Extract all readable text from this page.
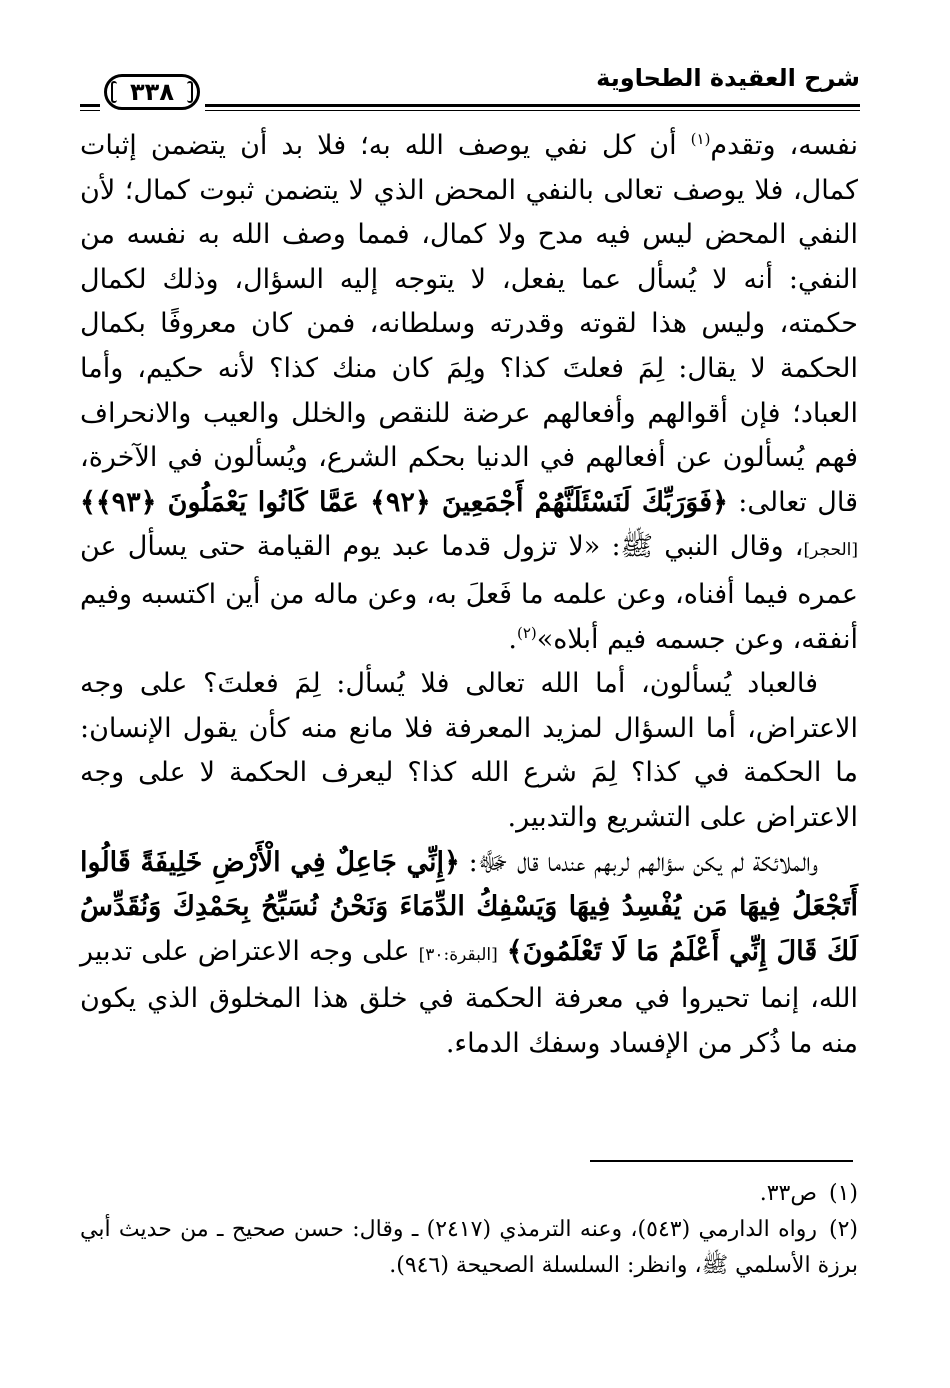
٣٣٨	شرح العقيدة الطحاوية

نفسه، وتقدم$^{(١)}$ أن كل نفي يوصف الله به؛ فلا بد أن يتضمن إثبات كمال، فلا يوصف تعالى بالنفي المحض الذي لا يتضمن ثبوت كمال؛ لأن النفي المحض ليس فيه مدح ولا كمال، فمما وصف الله به نفسه من النفي: أنه لا يُسأل عما يفعل، لا يتوجه إليه السؤال، وذلك لكمال حكمته، وليس هذا لقوته وقدرته وسلطانه، فمن كان معروفًا بكمال الحكمة لا يقال: لِمَ فعلتَ كذا؟ ولِمَ كان منك كذا؟ لأنه حكيم، وأما العباد؛ فإن أقوالهم وأفعالهم عرضة للنقص والخلل والعيب والانحراف فهم يُسألون عن أفعالهم في الدنيا بحكم الشرع، ويُسألون في الآخرة، قال تعالى: ﴿فَوَرَبِّكَ لَنَسْئَلَنَّهُمْ أَجْمَعِينَ ﴿٩٢﴾ عَمَّا كَانُوا يَعْمَلُونَ ﴿٩٣﴾﴾ [الحجر]، وقال النبي ﷺ: «لا تزول قدما عبد يوم القيامة حتى يسأل عن عمره فيما أفناه، وعن علمه ما فَعلَ به، وعن ماله من أين اكتسبه وفيم أنفقه، وعن جسمه فيم أبلاه»$^{(٢)}$.

فالعباد يُسألون، أما الله تعالى فلا يُسأل: لِمَ فعلتَ؟ على وجه الاعتراض، أما السؤال لمزيد المعرفة فلا مانع منه كأن يقول الإنسان: ما الحكمة في كذا؟ لِمَ شرع الله كذا؟ ليعرف الحكمة لا على وجه الاعتراض على التشريع والتدبير.

والملائكة لم يكن سؤالهم لربهم عندما قال ﷻ: ﴿إِنِّي جَاعِلٌ فِي الْأَرْضِ خَلِيفَةً قَالُوا أَتَجْعَلُ فِيهَا مَن يُفْسِدُ فِيهَا وَيَسْفِكُ الدِّمَاءَ وَنَحْنُ نُسَبِّحُ بِحَمْدِكَ وَنُقَدِّسُ لَكَ قَالَ إِنِّي أَعْلَمُ مَا لَا تَعْلَمُونَ﴾ [البقرة:٣٠] على وجه الاعتراض على تدبير الله، إنما تحيروا في معرفة الحكمة في خلق هذا المخلوق الذي يكون منه ما ذُكر من الإفساد وسفك الدماء.

(١)ص٣٣.

(٢)رواه الدارمي (٥٤٣)، وعنه الترمذي (٢٤١٧) ـ وقال: حسن صحيح ـ من حديث أبي برزة الأسلمي ﷺ، وانظر: السلسلة الصحيحة (٩٤٦).
